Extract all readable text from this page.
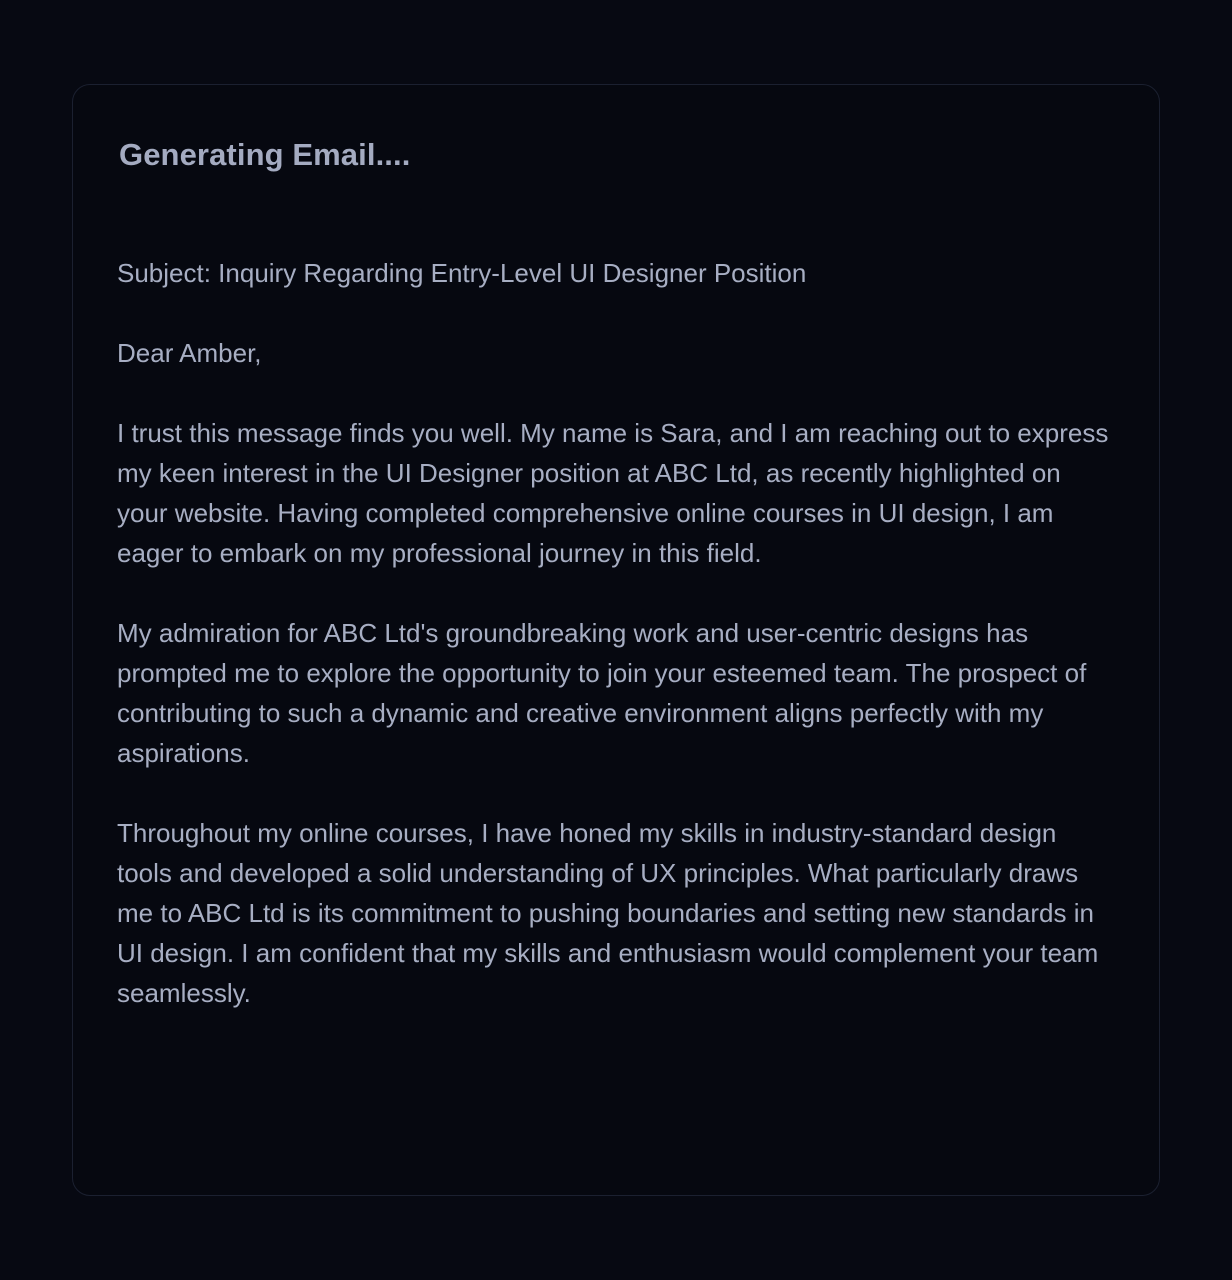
Generating Email....

Subject: Inquiry Regarding Entry-Level UI Designer Position

Dear Amber,

I trust this message finds you well. My name is Sara, and I am reaching out to express my keen interest in the UI Designer position at ABC Ltd, as recently highlighted on your website. Having completed comprehensive online courses in UI design, I am eager to embark on my professional journey in this field.

My admiration for ABC Ltd's groundbreaking work and user-centric designs has prompted me to explore the opportunity to join your esteemed team. The prospect of contributing to such a dynamic and creative environment aligns perfectly with my aspirations.

Throughout my online courses, I have honed my skills in industry-standard design tools and developed a solid understanding of UX principles. What particularly draws me to ABC Ltd is its commitment to pushing boundaries and setting new standards in UI design. I am confident that my skills and enthusiasm would complement your team seamlessly.
